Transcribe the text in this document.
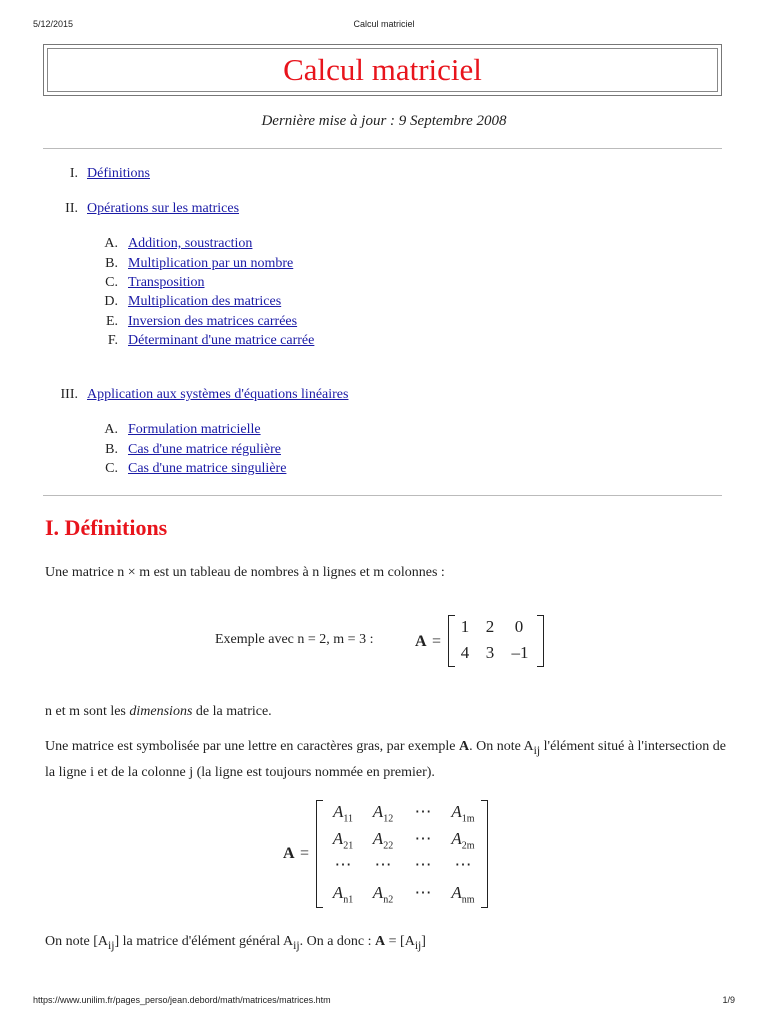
5/12/2015	Calcul matriciel
Calcul matriciel
Dernière mise à jour : 9 Septembre 2008
I. Définitions
II. Opérations sur les matrices
A. Addition, soustraction
B. Multiplication par un nombre
C. Transposition
D. Multiplication des matrices
E. Inversion des matrices carrées
F. Déterminant d'une matrice carrée
III. Application aux systèmes d'équations linéaires
A. Formulation matricielle
B. Cas d'une matrice régulière
C. Cas d'une matrice singulière
I. Définitions
Une matrice n × m est un tableau de nombres à n lignes et m colonnes :
Exemple avec n = 2, m = 3 :	A =
1 2	0
4 3	–1
n et m sont les dimensions de la matrice.
Une matrice est symbolisée par une lettre en caractères gras, par exemple A. On note $A_{ij}$ l'élément situé à l'intersection de la ligne i et de la colonne j (la ligne est toujours nommée en premier).
A =
$A_{11}$	$A_{12}$	⋯	$A_{1m}$
$A_{21}$	$A_{22}$	⋯	$A_{2m}$
⋯	⋯	⋯	⋯
$A_{n1}$	$A_{n2}$	⋯	$A_{nm}$
On note $[A_{ij}]$ la matrice d'élément général $A_{ij}$. On a donc : $A = [A_{ij}]$
https://www.unilim.fr/pages_perso/jean.debord/math/matrices/matrices.htm	1/9
